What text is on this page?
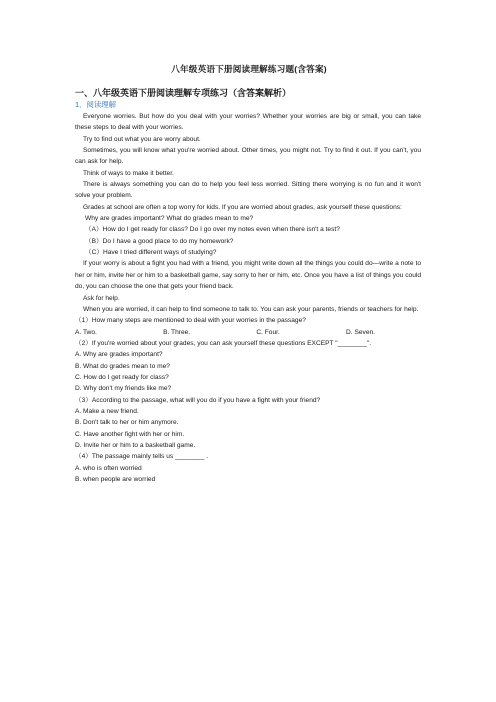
八年级英语下册阅读理解练习题(含答案)
一、八年级英语下册阅读理解专项练习（含答案解析）
1．阅读理解

Everyone worries. But how do you deal with your worries? Whether your worries are big or small, you can take these steps to deal with your worries.

Try to find out what you are worry about.

Sometimes, you will know what you're worried about. Other times, you might not. Try to find it out. If you can't, you can ask for help.

Think of ways to make it better.

There is always something you can do to help you feel less worried. Sitting there worrying is no fun and it won't solve your problem.

Grades at school are often a top worry for kids. If you are worried about grades, ask yourself these questions:

Why are grades important? What do grades mean to me?

（A）How do I get ready for class? Do I go over my notes even when there isn't a test?

（B）Do I have a good place to do my homework?

（C）Have I tried different ways of studying?

If your worry is about a fight you had with a friend, you might write down all the things you could do—write a note to her or him, invite her or him to a basketball game, say sorry to her or him, etc. Once you have a list of things you could do, you can choose the one that gets your friend back.

Ask for help.

When you are worried, it can help to find someone to talk to. You can ask your parents, friends or teachers for help.

（1）How many steps are mentioned to deal with your worries in the passage?

A. Two.	B. Three.	C. Four.	D. Seven.

（2）If you're worried about your grades, you can ask yourself these questions EXCEPT "________".

A. Why are grades important?

B. What do grades mean to me?

C. How do I get ready for class?

D. Why don't my friends like me?

（3）According to the passage, what will you do if you have a fight with your friend?

A. Make a new friend.

B. Don't talk to her or him anymore.

C. Have another fight with her or him.

D. Invite her or him to a basketball game.

（4）The passage mainly tells us ________ .

A. who is often worried

B. when people are worried
